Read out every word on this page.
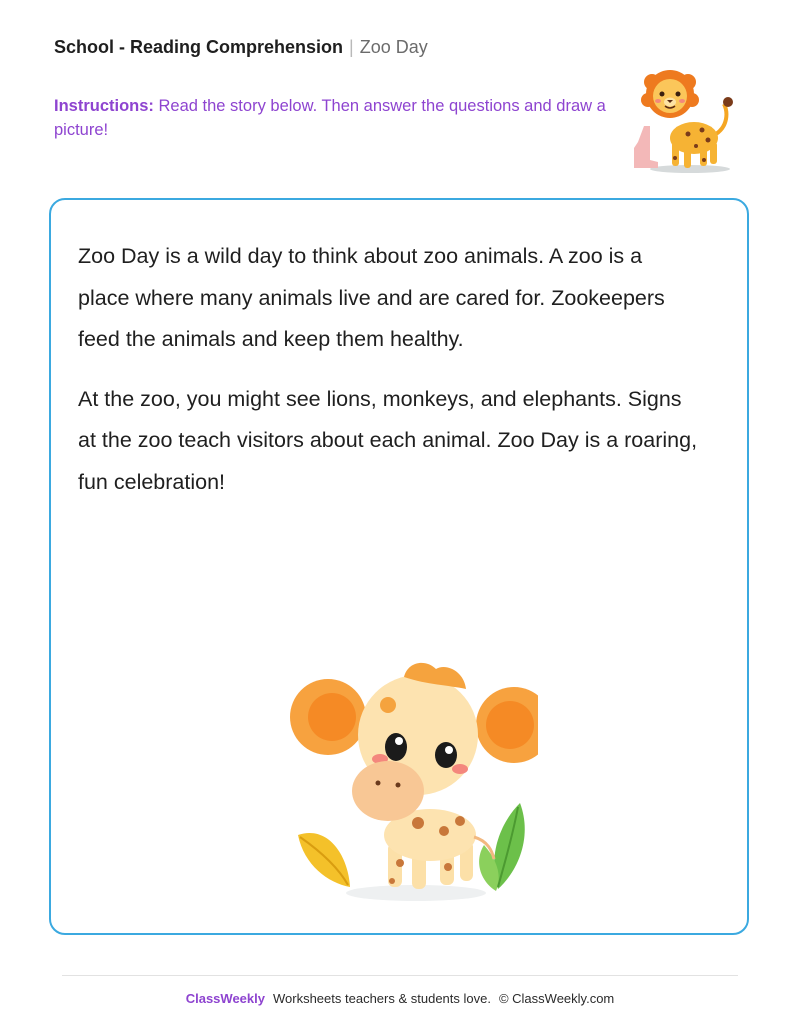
School - Reading Comprehension | Zoo Day
Instructions: Read the story below. Then answer the questions and draw a picture!

Zoo Day is a wild day to think about zoo animals. A zoo is a place where many animals live and are cared for. Zookeepers feed the animals and keep them healthy.

At the zoo, you might see lions, monkeys, and elephants. Signs at the zoo teach visitors about each animal. Zoo Day is a roaring, fun celebration!

ClassWeekly Worksheets teachers & students love. © ClassWeekly.com
